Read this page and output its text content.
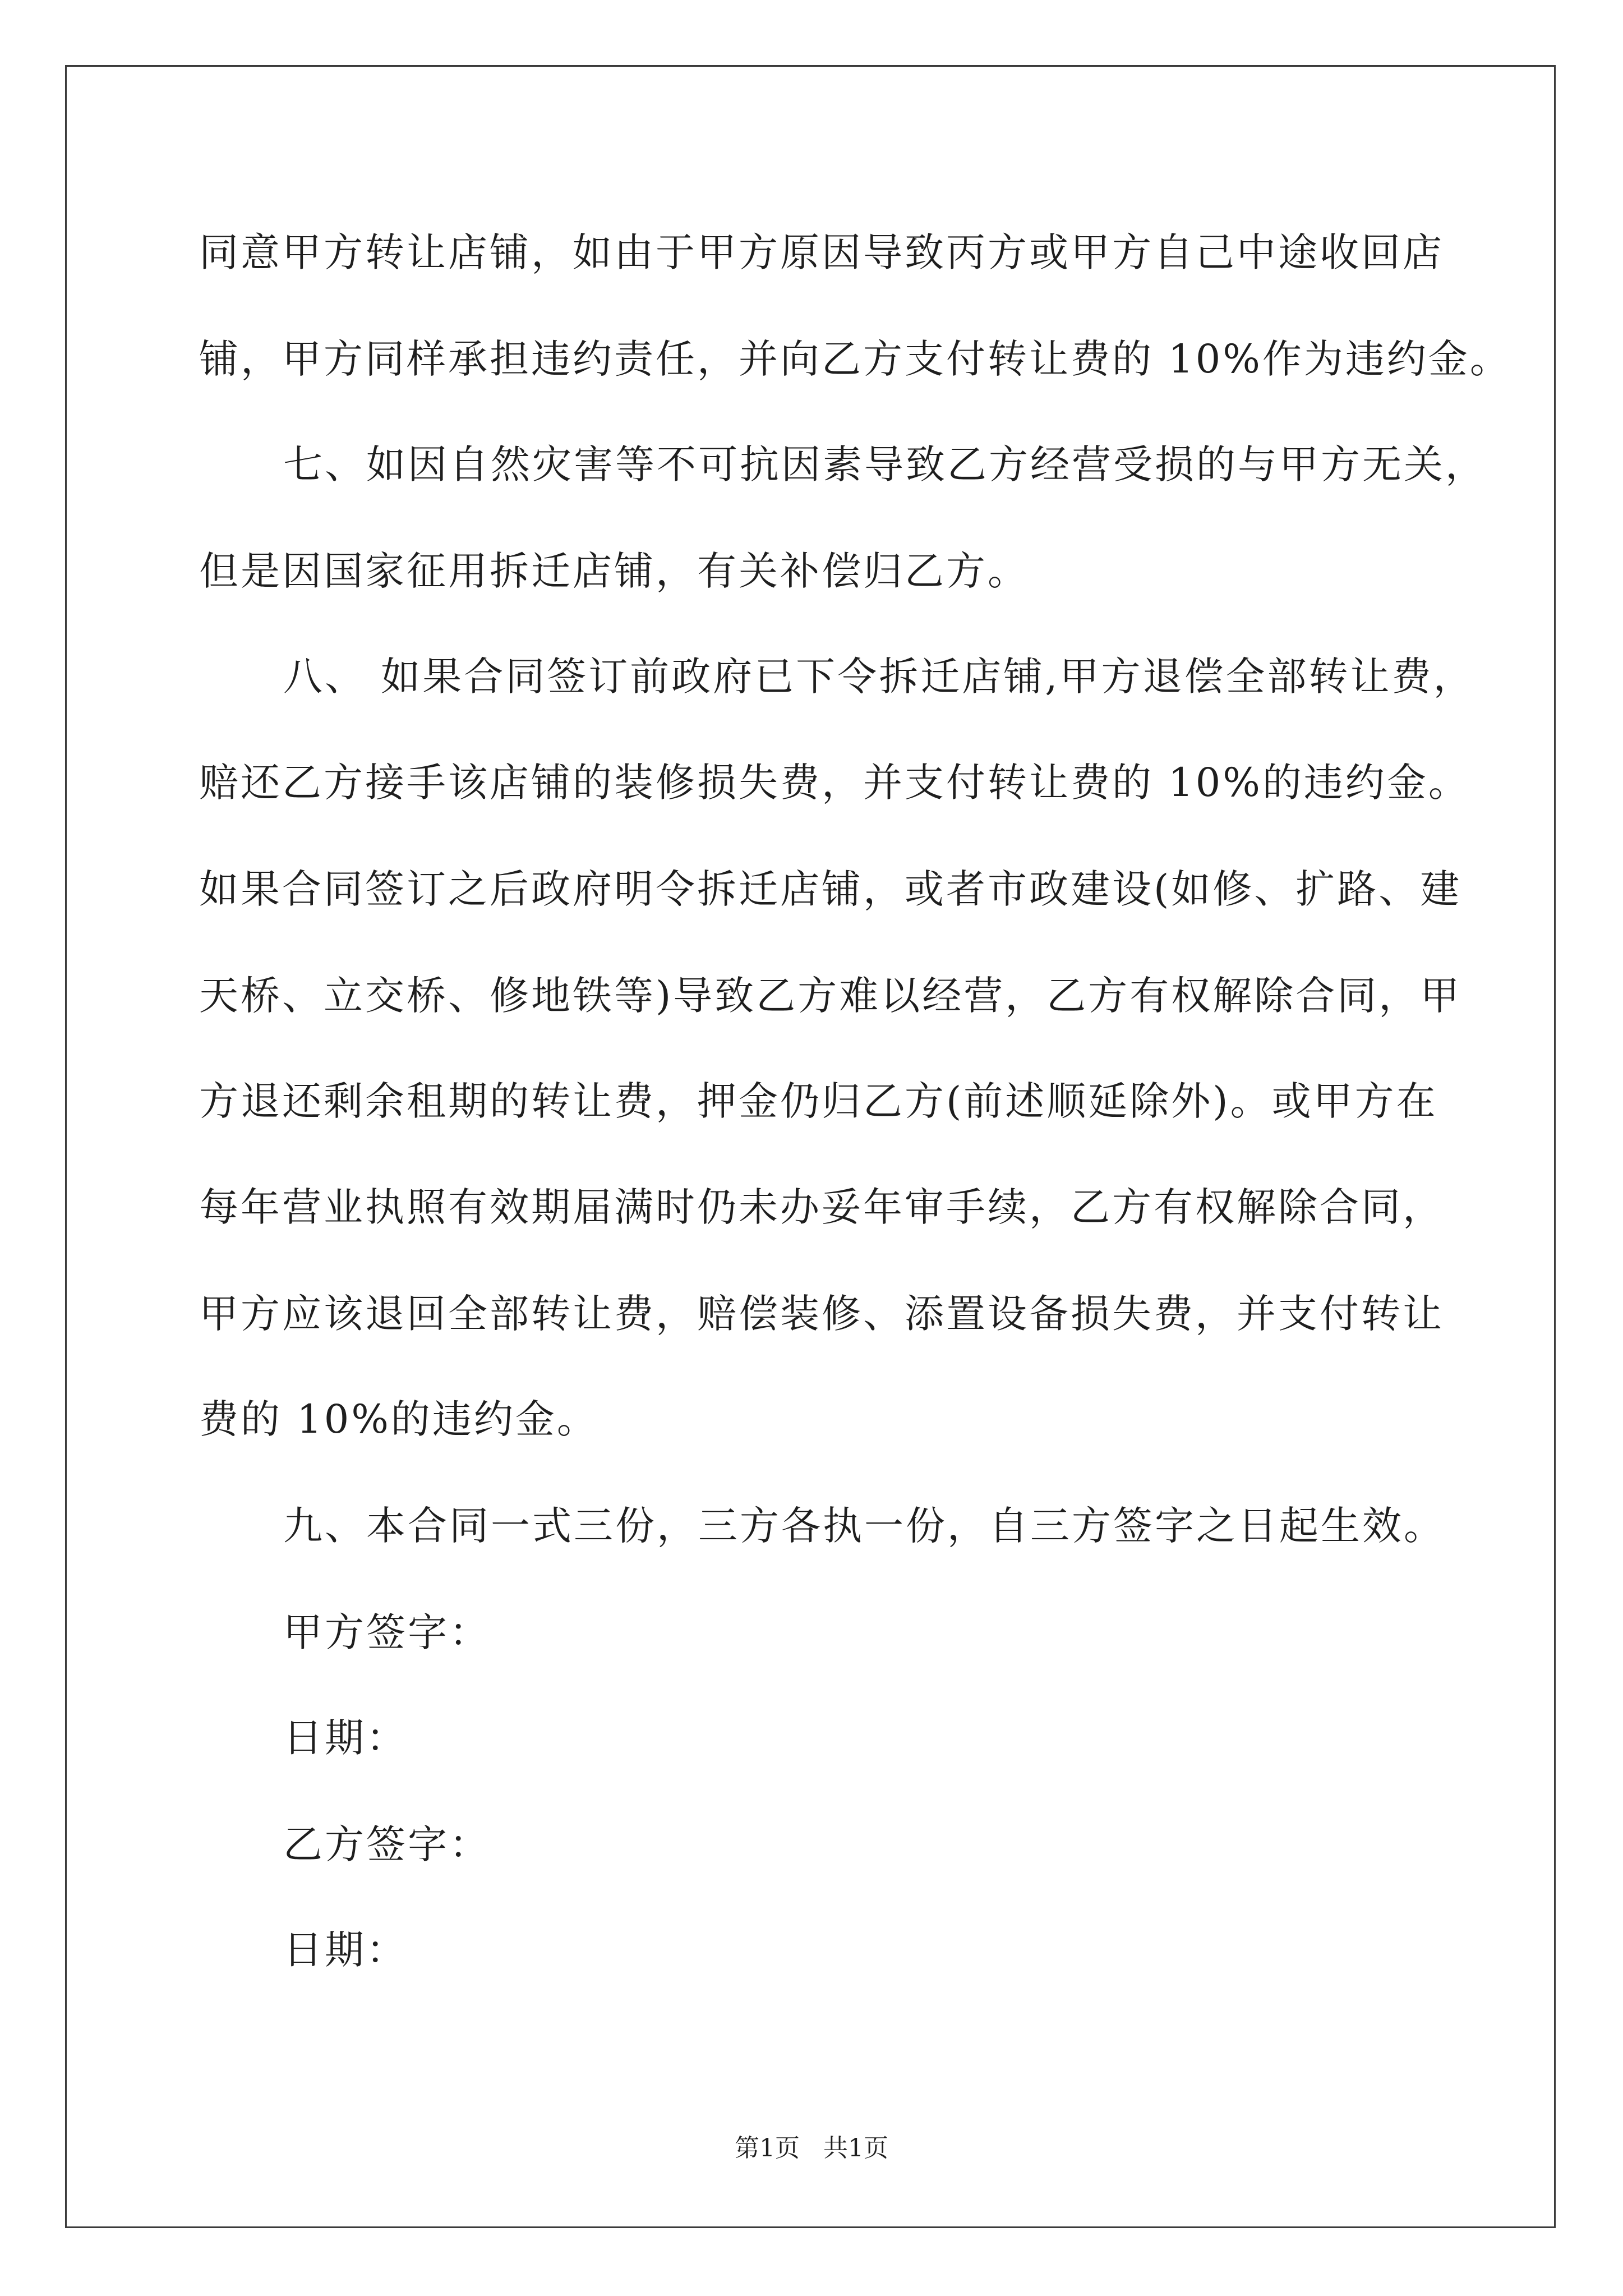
同意甲方转让店铺，如由于甲方原因导致丙方或甲方自己中途收回店
铺，甲方同样承担违约责任，并向乙方支付转让费的 10%作为违约金。
七、如因自然灾害等不可抗因素导致乙方经营受损的与甲方无关，
但是因国家征用拆迁店铺，有关补偿归乙方。
八、 如果合同签订前政府已下令拆迁店铺,甲方退偿全部转让费，
赔还乙方接手该店铺的装修损失费，并支付转让费的 10%的违约金。
如果合同签订之后政府明令拆迁店铺，或者市政建设(如修、扩路、建
天桥、立交桥、修地铁等)导致乙方难以经营，乙方有权解除合同，甲
方退还剩余租期的转让费，押金仍归乙方(前述顺延除外)。或甲方在
每年营业执照有效期届满时仍未办妥年审手续，乙方有权解除合同，
甲方应该退回全部转让费，赔偿装修、添置设备损失费，并支付转让
费的 10%的违约金。
九、本合同一式三份，三方各执一份，自三方签字之日起生效。
甲方签字：
日期：
乙方签字：
日期：
第1页   共1页
